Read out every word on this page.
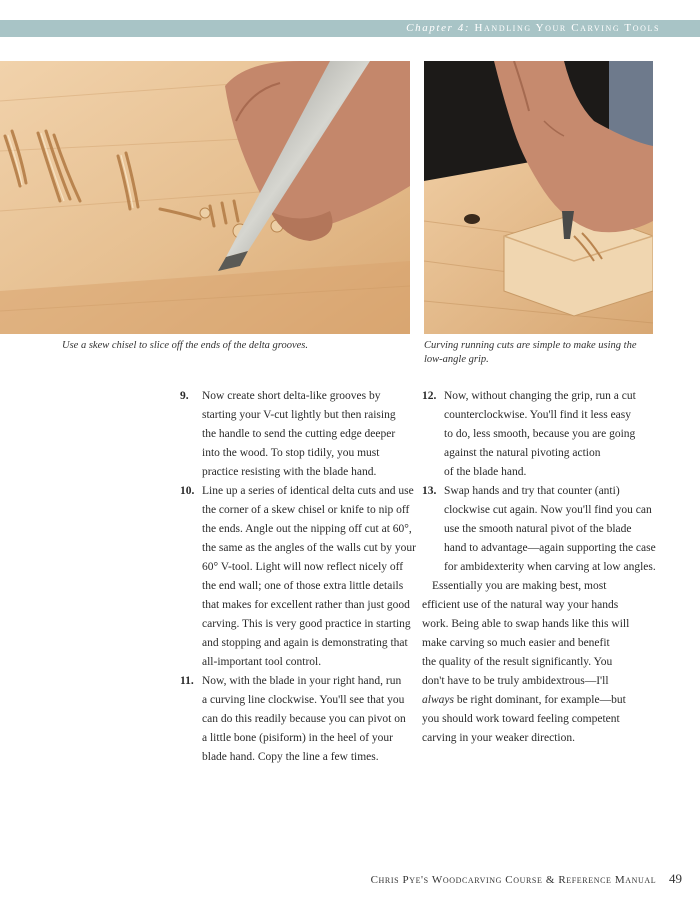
Chapter 4: Handling Your Carving Tools
Use a skew chisel to slice off the ends of the delta grooves.	Curving running cuts are simple to make using the low-angle grip.
9. Now create short delta-like grooves by
starting your V-cut lightly but then raising
the handle to send the cutting edge deeper
into the wood. To stop tidily, you must
practice resisting with the blade hand.
10. Line up a series of identical delta cuts and use
the corner of a skew chisel or knife to nip off
the ends. Angle out the nipping off cut at 60°,
the same as the angles of the walls cut by your
60° V-tool. Light will now reflect nicely off
the end wall; one of those extra little details
that makes for excellent rather than just good
carving. This is very good practice in starting
and stopping and again is demonstrating that
all-important tool control.
11. Now, with the blade in your right hand, run
a curving line clockwise. You'll see that you
can do this readily because you can pivot on
a little bone (pisiform) in the heel of your
blade hand. Copy the line a few times.
12. Now, without changing the grip, run a cut
counterclockwise. You'll find it less easy
to do, less smooth, because you are going
against the natural pivoting action
of the blade hand.
13. Swap hands and try that counter (anti)
clockwise cut again. Now you'll find you can
use the smooth natural pivot of the blade
hand to advantage—again supporting the case
for ambidexterity when carving at low angles.
Essentially you are making best, most
efficient use of the natural way your hands
work. Being able to swap hands like this will
make carving so much easier and benefit
the quality of the result significantly. You
don't have to be truly ambidextrous—I'll
always be right dominant, for example—but
you should work toward feeling competent
carving in your weaker direction.
Chris Pye's Woodcarving Course & Reference Manual 49
